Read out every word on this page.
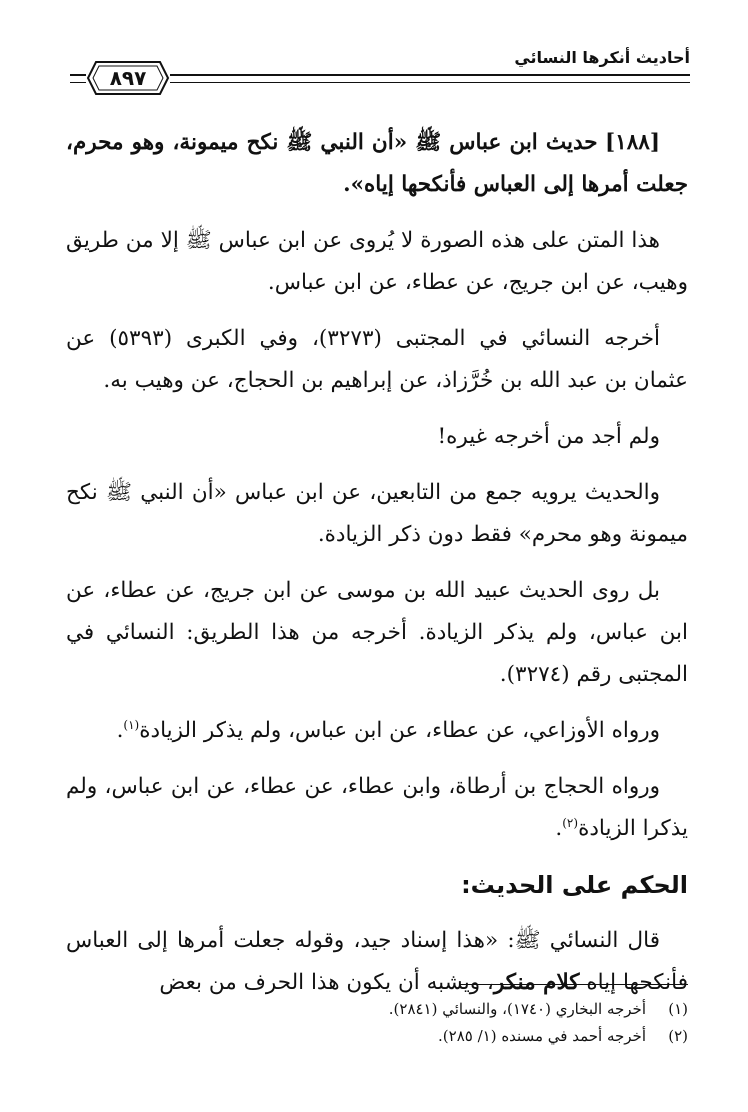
أحاديث أنكرها النسائي
٨٩٧

[١٨٨] حديث ابن عباس ﷺ «أن النبي ﷺ نكح ميمونة، وهو محرم، جعلت أمرها إلى العباس فأنكحها إياه».

هذا المتن على هذه الصورة لا يُروى عن ابن عباس ﷺ إلا من طريق وهيب، عن ابن جريج، عن عطاء، عن ابن عباس.

أخرجه النسائي في المجتبى (٣٢٧٣)، وفي الكبرى (٥٣٩٣) عن عثمان بن عبد الله بن خُرَّزاذ، عن إبراهيم بن الحجاج، عن وهيب به.

ولم أجد من أخرجه غيره!

والحديث يرويه جمع من التابعين، عن ابن عباس «أن النبي ﷺ نكح ميمونة وهو محرم» فقط دون ذكر الزيادة.

بل روى الحديث عبيد الله بن موسى عن ابن جريج، عن عطاء، عن ابن عباس، ولم يذكر الزيادة. أخرجه من هذا الطريق: النسائي في المجتبى رقم (٣٢٧٤).

ورواه الأوزاعي، عن عطاء، عن ابن عباس، ولم يذكر الزيادة$^{(١)}$.

ورواه الحجاج بن أرطاة، وابن عطاء، عن عطاء، عن ابن عباس، ولم يذكرا الزيادة$^{(٢)}$.

الحكم على الحديث:

قال النسائي ﷺ: «هذا إسناد جيد، وقوله جعلت أمرها إلى العباس فأنكحها إياه كلام منكر، ويشبه أن يكون هذا الحرف من بعض

(١)أخرجه البخاري (١٧٤٠)، والنسائي (٢٨٤١).
(٢)أخرجه أحمد في مسنده (١/ ٢٨٥).
